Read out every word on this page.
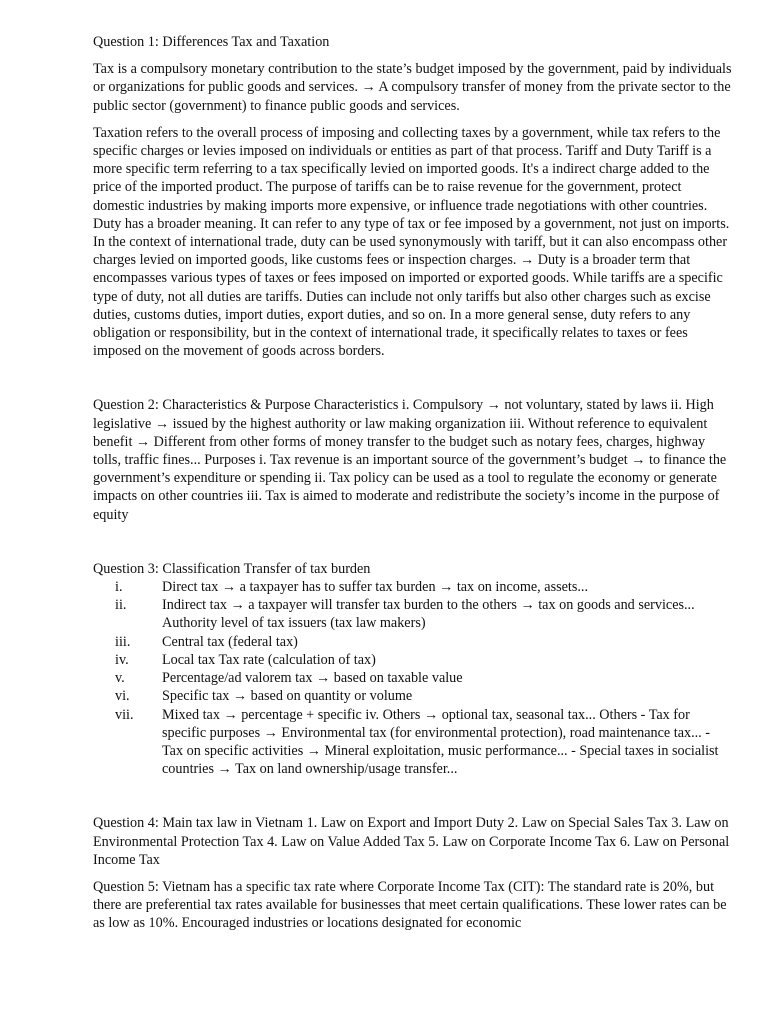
Question 1: Differences Tax and Taxation

Tax is a compulsory monetary contribution to the state’s budget imposed by the government, paid by individuals or organizations for public goods and services. → A compulsory transfer of money from the private sector to the public sector (government) to finance public goods and services.

Taxation refers to the overall process of imposing and collecting taxes by a government, while tax refers to the specific charges or levies imposed on individuals or entities as part of that process. Tariff and Duty Tariff is a more specific term referring to a tax specifically levied on imported goods. It's a indirect charge added to the price of the imported product. The purpose of tariffs can be to raise revenue for the government, protect domestic industries by making imports more expensive, or influence trade negotiations with other countries. Duty has a broader meaning. It can refer to any type of tax or fee imposed by a government, not just on imports. In the context of international trade, duty can be used synonymously with tariff, but it can also encompass other charges levied on imported goods, like customs fees or inspection charges. → Duty is a broader term that encompasses various types of taxes or fees imposed on imported or exported goods. While tariffs are a specific type of duty, not all duties are tariffs. Duties can include not only tariffs but also other charges such as excise duties, customs duties, import duties, export duties, and so on. In a more general sense, duty refers to any obligation or responsibility, but in the context of international trade, it specifically relates to taxes or fees imposed on the movement of goods across borders.

Question 2: Characteristics & Purpose Characteristics i. Compulsory → not voluntary, stated by laws ii. High legislative → issued by the highest authority or law making organization iii. Without reference to equivalent benefit → Different from other forms of money transfer to the budget such as notary fees, charges, highway tolls, traffic fines... Purposes i. Tax revenue is an important source of the government’s budget → to finance the government’s expenditure or spending ii. Tax policy can be used as a tool to regulate the economy or generate impacts on other countries iii. Tax is aimed to moderate and redistribute the society’s income in the purpose of equity

Question 3: Classification Transfer of tax burden

i.	Direct tax → a taxpayer has to suffer tax burden → tax on income, assets...
ii.	Indirect tax → a taxpayer will transfer tax burden to the others → tax on goods and services... Authority level of tax issuers (tax law makers)
iii. Central tax (federal tax)
iv. Local tax Tax rate (calculation of tax)
v.	Percentage/ad valorem tax → based on taxable value
vi. Specific tax → based on quantity or volume
vii. Mixed tax → percentage + specific iv. Others → optional tax, seasonal tax... Others - Tax for specific purposes → Environmental tax (for environmental protection), road maintenance tax... - Tax on specific activities → Mineral exploitation, music performance... - Special taxes in socialist countries → Tax on land ownership/usage transfer...

Question 4: Main tax law in Vietnam 1. Law on Export and Import Duty 2. Law on Special Sales Tax 3. Law on Environmental Protection Tax 4. Law on Value Added Tax 5. Law on Corporate Income Tax 6. Law on Personal Income Tax

Question 5: Vietnam has a specific tax rate where Corporate Income Tax (CIT): The standard rate is 20%, but there are preferential tax rates available for businesses that meet certain qualifications. These lower rates can be as low as 10%. Encouraged industries or locations designated for economic
